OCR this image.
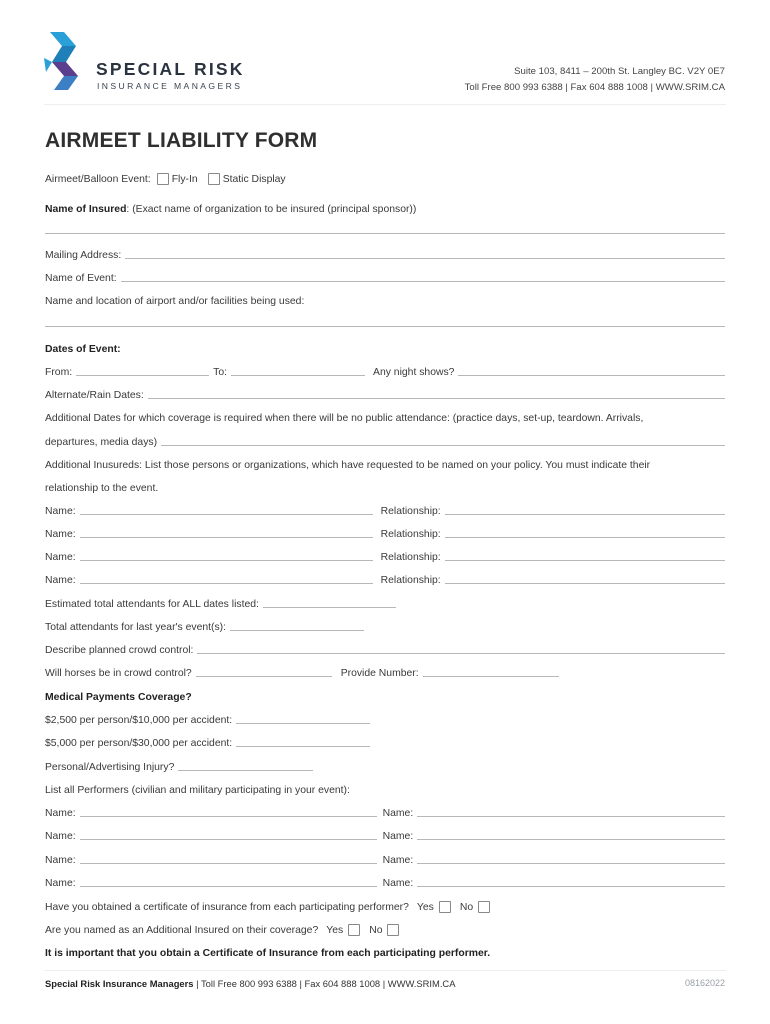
SPECIAL RISK
INSURANCE MANAGERS
Suite 103, 8411 – 200th St. Langley BC. V2Y 0E7
Toll Free 800 993 6388 | Fax 604 888 1008 | WWW.SRIM.CA
AIRMEET LIABILITY FORM
Airmeet/Balloon Event: Fly-In Static Display
Name of Insured : (Exact name of organization to be insured (principal sponsor))
Mailing Address:
Name of Event:
Name and location of airport and/or facilities being used:
Dates of Event:
From:	To:	Any night shows?
Alternate/Rain Dates:
Additional Dates for which coverage is required when there will be no public attendance: (practice days, set-up, teardown. Arrivals,
departures, media days)
Additional Inusureds: List those persons or organizations, which have requested to be named on your policy. You must indicate their
relationship to the event.
Name:	Relationship:
Name:	Relationship:
Name:	Relationship:
Name:	Relationship:
Estimated total attendants for ALL dates listed:
Total attendants for last year's event(s):
Describe planned crowd control:
Will horses be in crowd control?	Provide Number:
Medical Payments Coverage?
$2,500 per person/$10,000 per accident:
$5,000 per person/$30,000 per accident:
Personal/Advertising Injury?
List all Performers (civilian and military participating in your event):
Name:	Name:
Name:	Name:
Name:	Name:
Name:	Name:
Have you obtained a certificate of insurance from each participating performer? Yes	No
Are you named as an Additional Insured on their coverage? Yes	No
It is important that you obtain a Certificate of Insurance from each participating performer.
Special Risk Insurance Managers | Toll Free 800 993 6388 | Fax 604 888 1008 | WWW.SRIM.CA	08162022
